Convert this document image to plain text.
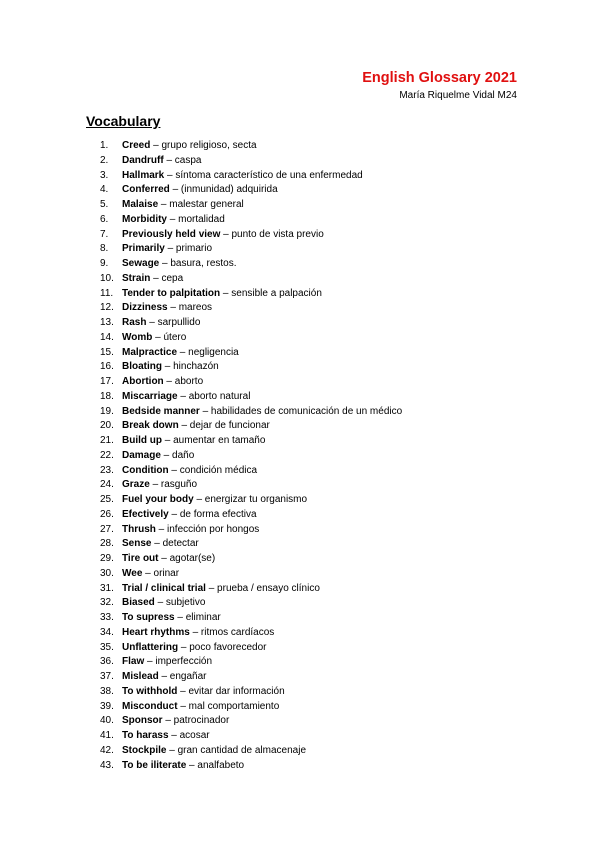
English Glossary 2021
María Riquelme Vidal M24
Vocabulary
1. Creed – grupo religioso, secta
2. Dandruff – caspa
3. Hallmark – síntoma característico de una enfermedad
4. Conferred – (inmunidad) adquirida
5. Malaise – malestar general
6. Morbidity – mortalidad
7. Previously held view – punto de vista previo
8. Primarily – primario
9. Sewage – basura, restos.
10. Strain – cepa
11. Tender to palpitation – sensible a palpación
12. Dizziness – mareos
13. Rash – sarpullido
14. Womb – útero
15. Malpractice – negligencia
16. Bloating – hinchazón
17. Abortion – aborto
18. Miscarriage – aborto natural
19. Bedside manner – habilidades de comunicación de un médico
20. Break down – dejar de funcionar
21. Build up – aumentar en tamaño
22. Damage – daño
23. Condition – condición médica
24. Graze – rasguño
25. Fuel your body – energizar tu organismo
26. Efectively – de forma efectiva
27. Thrush – infección por hongos
28. Sense – detectar
29. Tire out – agotar(se)
30. Wee – orinar
31. Trial / clinical trial – prueba / ensayo clínico
32. Biased – subjetivo
33. To supress – eliminar
34. Heart rhythms – ritmos cardíacos
35. Unflattering – poco favorecedor
36. Flaw – imperfección
37. Mislead – engañar
38. To withhold – evitar dar información
39. Misconduct – mal comportamiento
40. Sponsor – patrocinador
41. To harass – acosar
42. Stockpile – gran cantidad de almacenaje
43. To be iliterate – analfabeto
